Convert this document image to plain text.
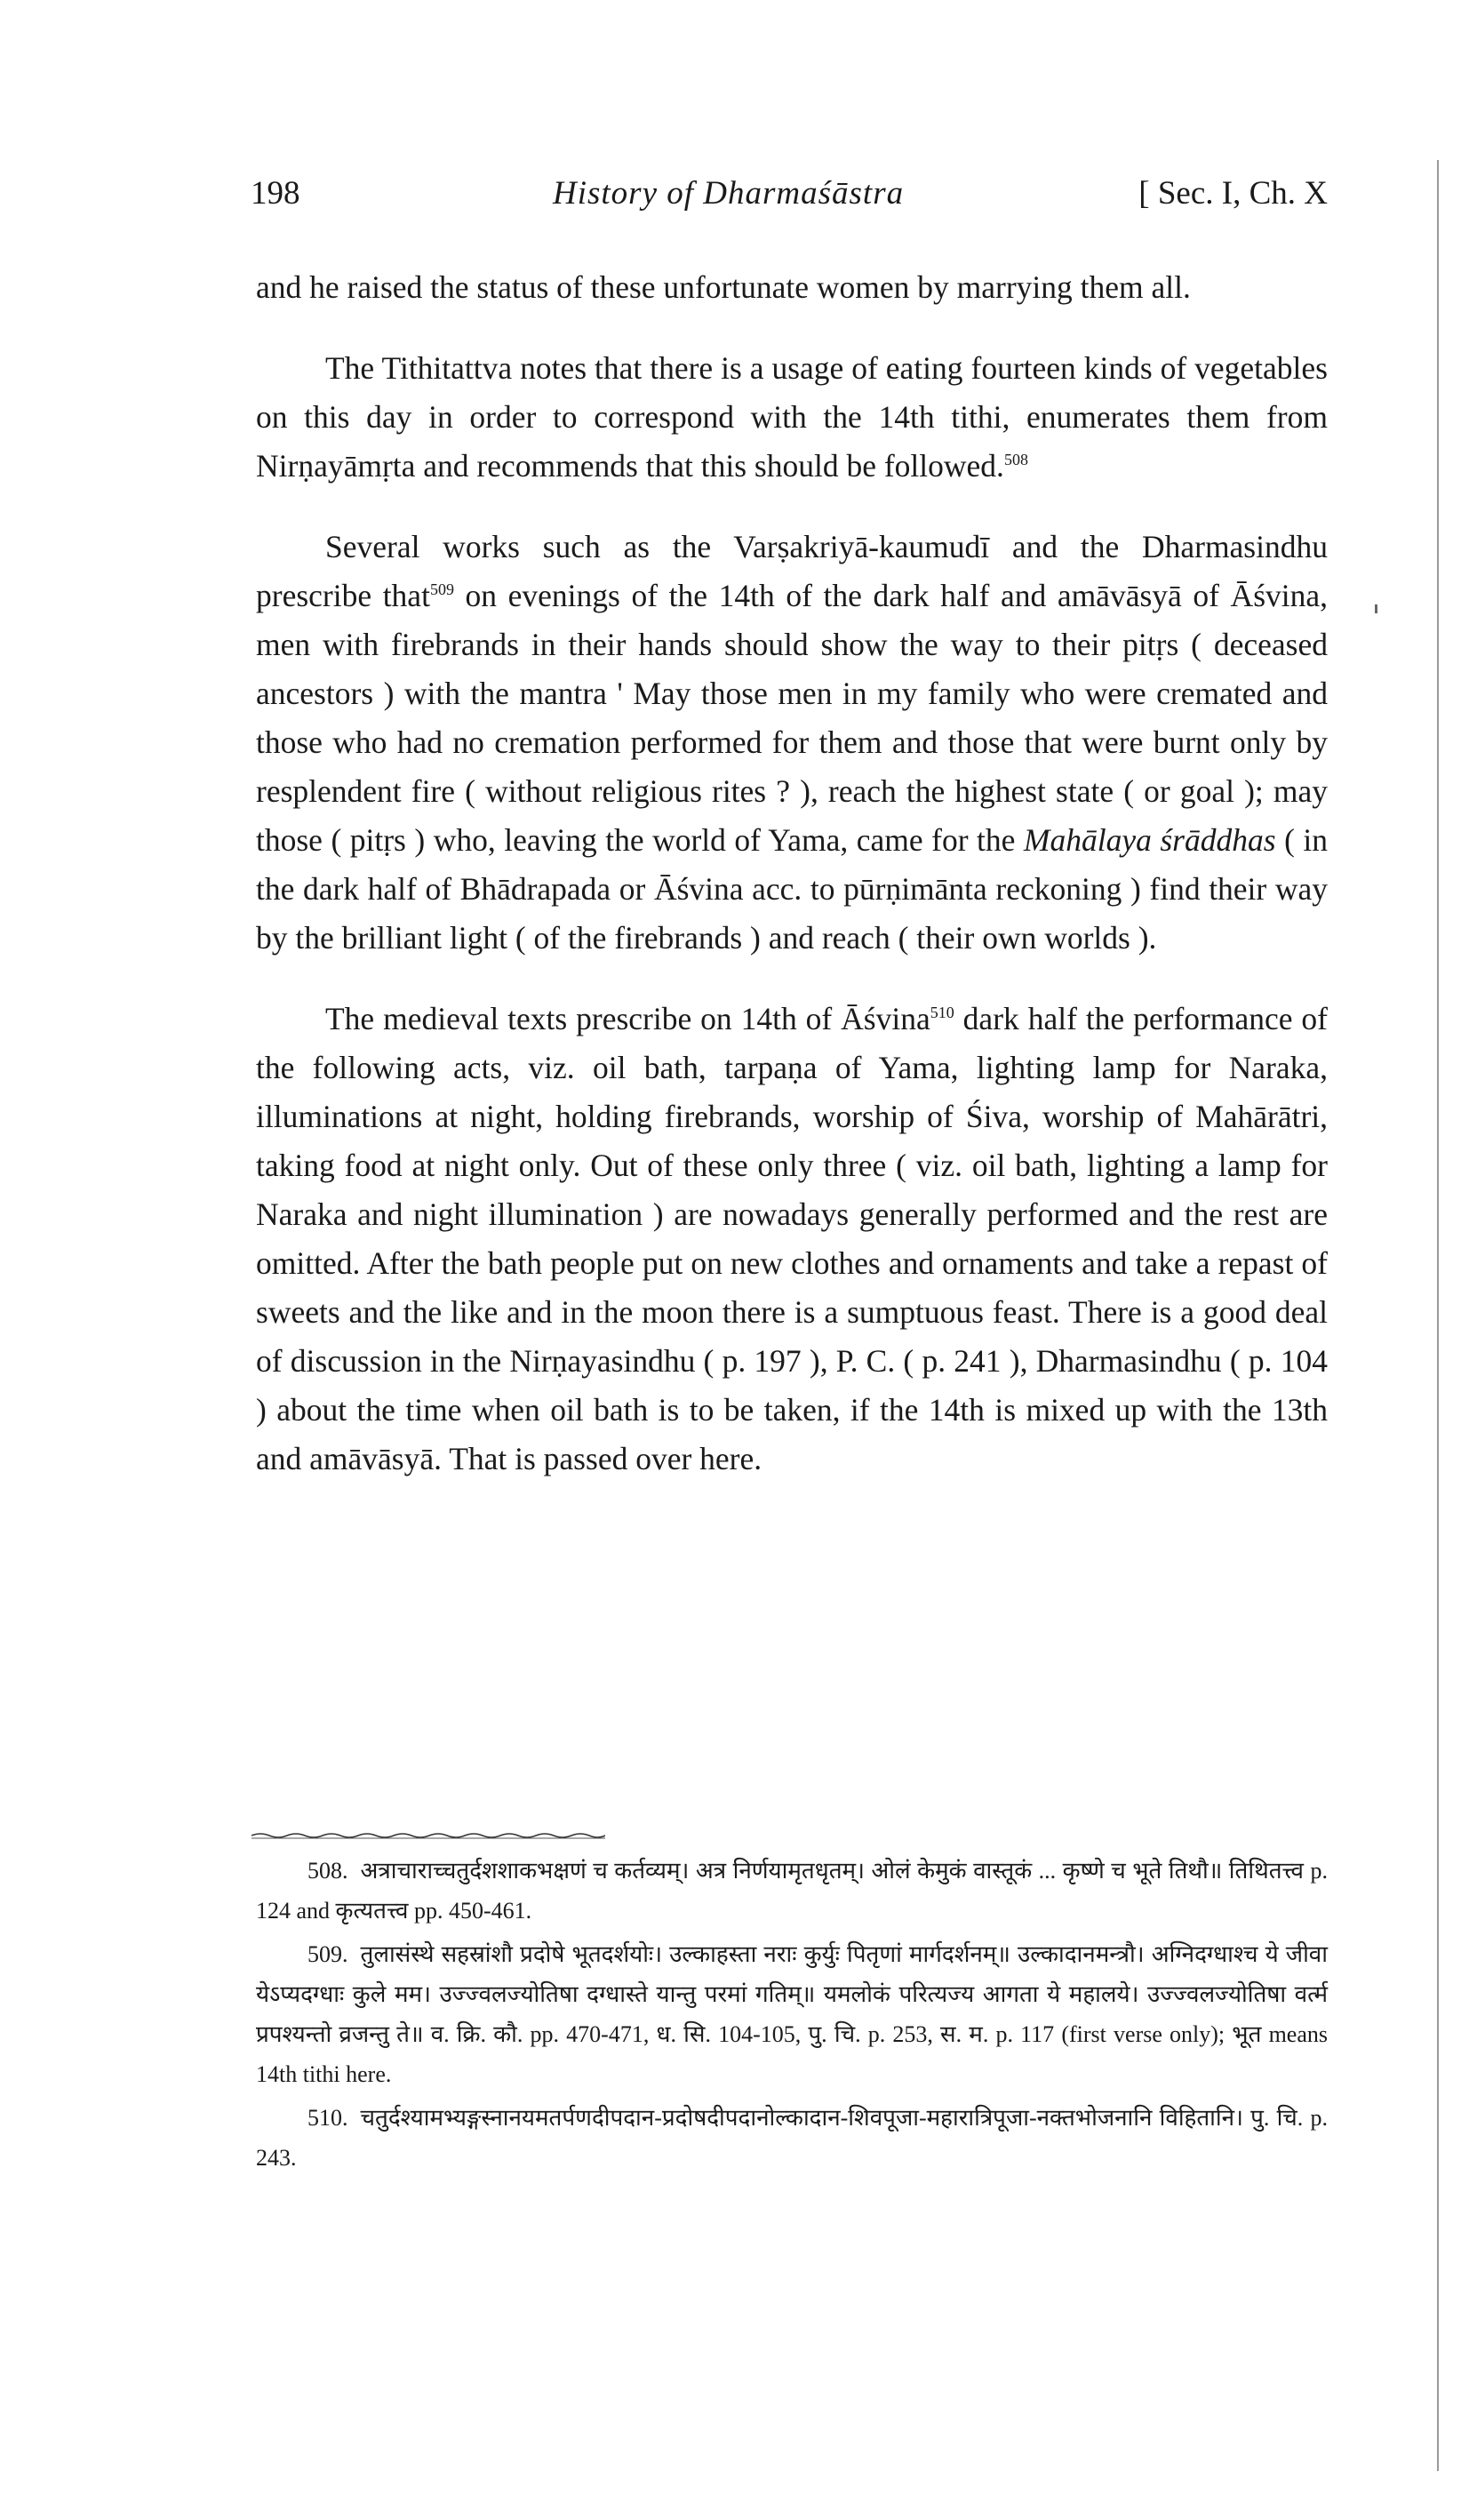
198	History of Dharmaśāstra	[ Sec. I, Ch. X

and he raised the status of these unfortunate women by marrying them all.

The Tithitattva notes that there is a usage of eating fourteen kinds of vegetables on this day in order to correspond with the 14th tithi, enumerates them from Nirṇayāmṛta and recommends that this should be followed.$^{508}$

Several works such as the Varṣakriyā-kaumudī and the Dharmasindhu prescribe that$^{509}$ on evenings of the 14th of the dark half and amāvāsyā of Āśvina, men with firebrands in their hands should show the way to their pitṛs ( deceased ancestors ) with the mantra ' May those men in my family who were cremated and those who had no cremation performed for them and those that were burnt only by resplendent fire ( without religious rites ? ), reach the highest state ( or goal ); may those ( pitṛs ) who, leaving the world of Yama, came for the Mahālaya śrāddhas ( in the dark half of Bhādrapada or Āśvina acc. to pūrṇimānta reckoning ) find their way by the brilliant light ( of the firebrands ) and reach ( their own worlds ).

The medieval texts prescribe on 14th of Āśvina$^{510}$ dark half the performance of the following acts, viz. oil bath, tarpaṇa of Yama, lighting lamp for Naraka, illuminations at night, holding firebrands, worship of Śiva, worship of Mahārātri, taking food at night only. Out of these only three ( viz. oil bath, lighting a lamp for Naraka and night illumination ) are nowadays generally performed and the rest are omitted. After the bath people put on new clothes and ornaments and take a repast of sweets and the like and in the moon there is a sumptuous feast. There is a good deal of discussion in the Nirṇayasindhu ( p. 197 ), P. C. ( p. 241 ), Dharmasindhu ( p. 104 ) about the time when oil bath is to be taken, if the 14th is mixed up with the 13th and amāvāsyā. That is passed over here.

508. अत्राचाराच्चतुर्दशशाकभक्षणं च कर्तव्यम्। अत्र निर्णयामृतधृतम्। ओलं केमुकं वास्तूकं ... कृष्णे च भूते तिथौ॥ तिथितत्त्व p. 124 and कृत्यतत्त्व pp. 450-461.
509. तुलासंस्थे सहस्रांशौ प्रदोषे भूतदर्शयोः। उल्काहस्ता नराः कुर्युः पितृणां मार्गदर्शनम्॥ उल्कादानमन्त्रौ। अग्निदग्धाश्च ये जीवा येऽप्यदग्धाः कुले मम। उज्ज्वलज्योतिषा दग्धास्ते यान्तु परमां गतिम्॥ यमलोकं परित्यज्य आगता ये महालये। उज्ज्वलज्योतिषा वर्त्म प्रपश्यन्तो व्रजन्तु ते॥ व. क्रि. कौ. pp. 470-471, ध. सि. 104-105, पु. चि. p. 253, स. म. p. 117 (first verse only); भूत means 14th tithi here.
510. चतुर्दश्यामभ्यङ्गस्नानयमतर्पणदीपदान-प्रदोषदीपदानोल्कादान-शिवपूजा-महारात्रिपूजा-नक्तभोजनानि विहितानि। पु. चि. p. 243.
